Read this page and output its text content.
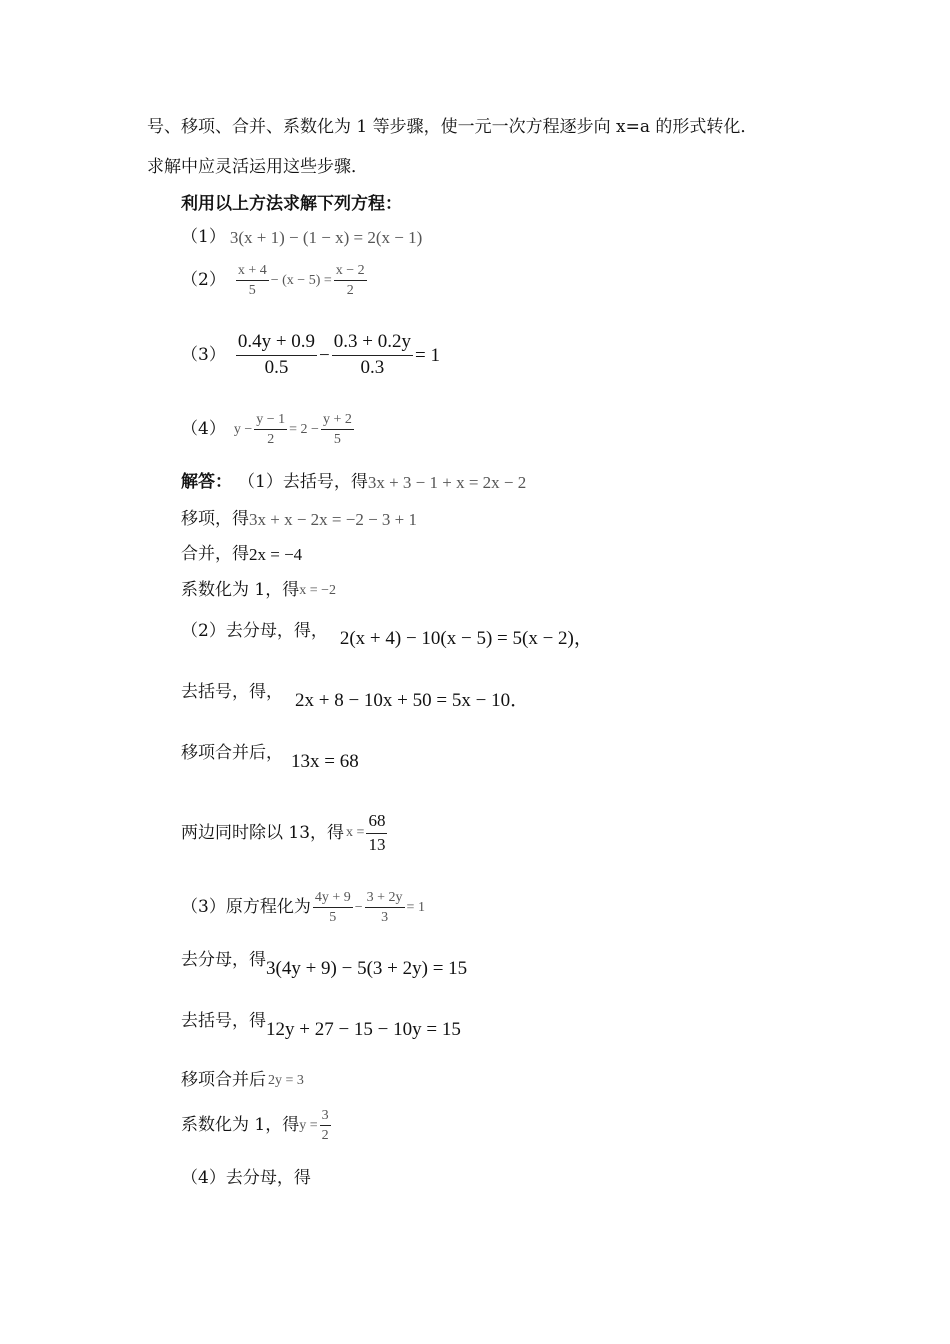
号、移项、合并、系数化为 1 等步骤，使一元一次方程逐步向 x=a 的形式转化．
求解中应灵活运用这些步骤．
利用以上方法求解下列方程：
（1） 3(x + 1) − (1 − x) = 2(x − 1)
$(2) \frac{x + 4}{5} - (x - 5) = \frac{x - 2}{2}$
$(3) \frac{0.4y + 0.9}{0.5} - \frac{0.3 + 0.2y}{0.3} = 1$
（4） $y - \frac{y - 1}{2} = 2 - \frac{y + 2}{5}$
解答： （1）去括号，得 3x + 3 − 1 + x = 2x − 2
移项，得 3x + x − 2x = −2 − 3 + 1
合并，得 2x = −4
系数化为 1，得 x = −2
（2）去分母，得， 2(x + 4) − 10(x − 5) = 5(x − 2)，
去括号，得， 2x + 8 − 10x + 50 = 5x − 10．
移项合并后， 13x = 68
两边同时除以 13，得 $x = \frac{68}{13}$
（3）原方程化为 $\frac{4y + 9}{5} - \frac{3 + 2y}{3} = 1$
去分母，得 3(4y + 9) − 5(3 + 2y) = 15
去括号，得 12y + 27 − 15 − 10y = 15
移项合并后 2y = 3
系数化为 1，得 $y = \frac{3}{2}$
（4）去分母，得
